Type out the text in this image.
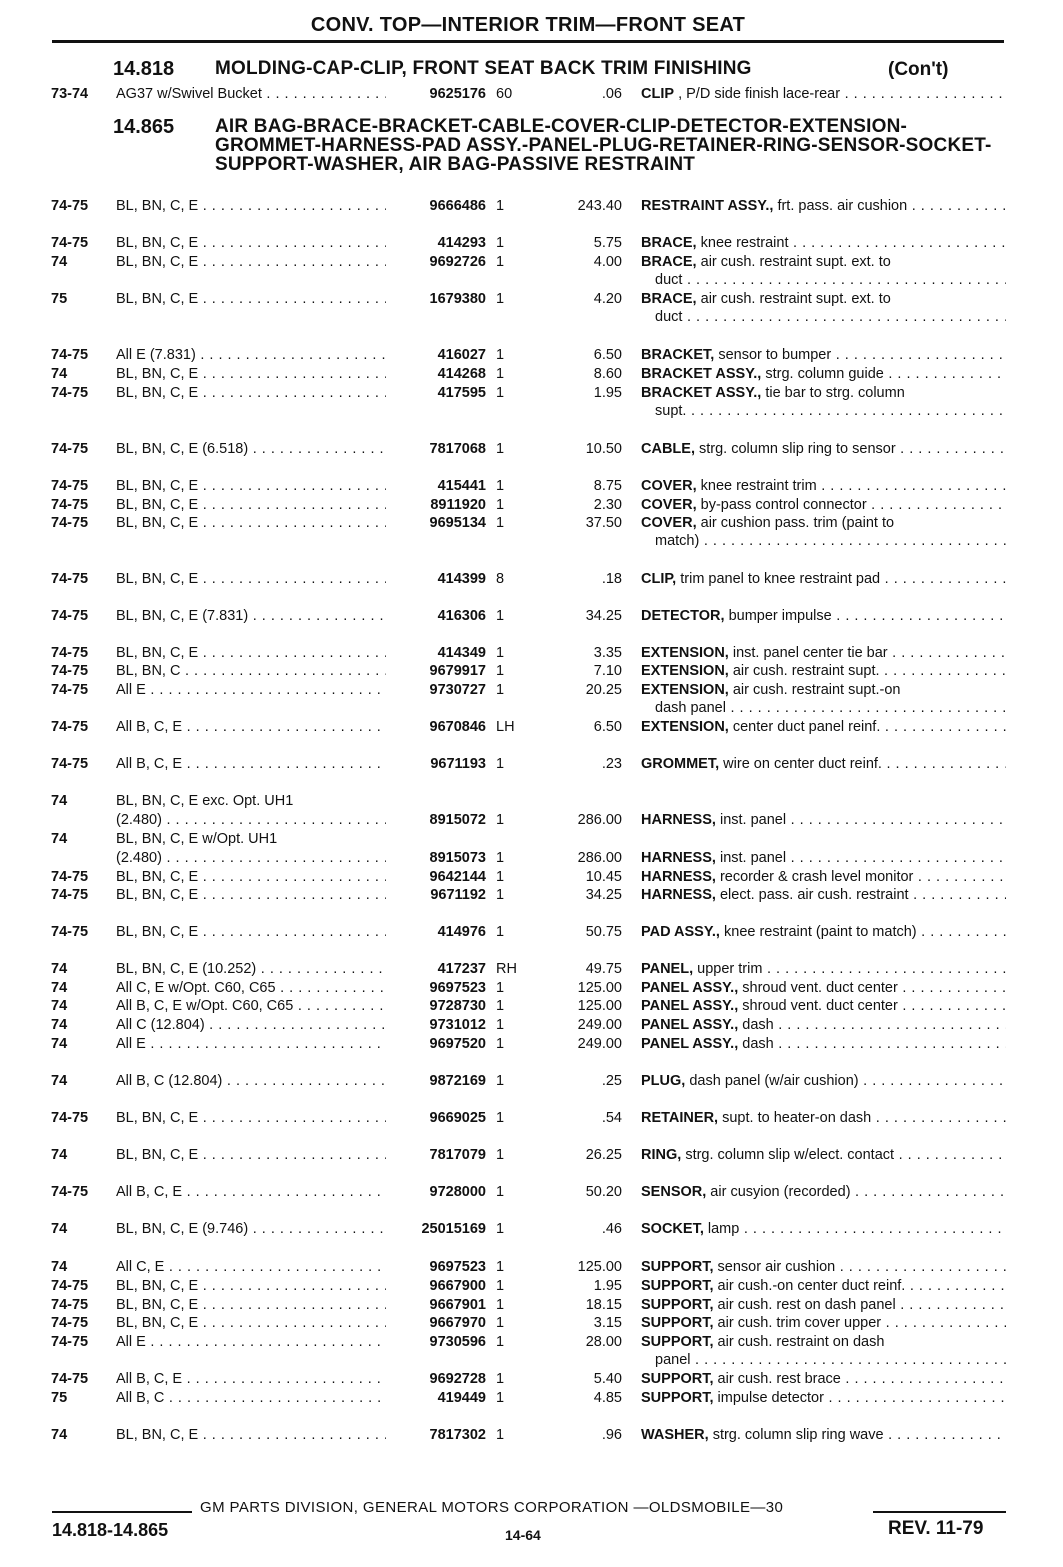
CONV. TOP—INTERIOR TRIM—FRONT SEAT
14.818 MOLDING-CAP-CLIP, FRONT SEAT BACK TRIM FINISHING	(Con't)
14.865 AIR BAG-BRACE-BRACKET-CABLE-COVER-CLIP-DETECTOR-EXTENSION-GROMMET-HARNESS-PAD ASSY.-PANEL-PLUG-RETAINER-RING-SENSOR-SOCKET-SUPPORT-WASHER, AIR BAG-PASSIVE RESTRAINT
73-74	AG37 w/Swivel Bucket . . .	9625176 60	.06 CLIP , P/D side finish lace-rear . . .
74-75	BL, BN, C, E . . .	9666486 1	243.40 RESTRAINT ASSY., frt. pass. air cushion . . .
74-75	BL, BN, C, E . . .	414293 1	5.75 BRACE, knee restraint . . .
74	BL, BN, C, E . . .	9692726 1	4.00 BRACE, air cush. restraint supt. ext. to
duct . . .
75	BL, BN, C, E . . .	1679380 1	4.20 BRACE, air cush. restraint supt. ext. to
duct . . .
74-75	All E (7.831) . . .	416027 1	6.50 BRACKET, sensor to bumper . . .
74	BL, BN, C, E . . .	414268 1	8.60 BRACKET ASSY., strg. column guide . . .
74-75	BL, BN, C, E . . .	417595 1	1.95 BRACKET ASSY., tie bar to strg. column
supt. . . .
74-75	BL, BN, C, E (6.518) . . .	7817068 1	10.50 CABLE, strg. column slip ring to sensor . . .
74-75	BL, BN, C, E . . .	415441 1	8.75 COVER, knee restraint trim . . .
74-75	BL, BN, C, E . . .	8911920 1	2.30 COVER, by-pass control connector . . .
74-75	BL, BN, C, E . . .	9695134 1	37.50 COVER, air cushion pass. trim (paint to
match) . . .
74-75	BL, BN, C, E . . .	414399 8	.18 CLIP, trim panel to knee restraint pad . . .
74-75	BL, BN, C, E (7.831) . . .	416306 1	34.25 DETECTOR, bumper impulse . . .
74-75	BL, BN, C, E . . .	414349 1	3.35 EXTENSION, inst. panel center tie bar . . .
74-75	BL, BN, C . . .	9679917 1	7.10 EXTENSION, air cush. restraint supt. . . .
74-75	All E . . .	9730727 1	20.25 EXTENSION, air cush. restraint supt.-on
dash panel . . .
74-75	All B, C, E . . .	9670846 LH	6.50 EXTENSION, center duct panel reinf. . . .
74-75	All B, C, E . . .	9671193 1	.23 GROMMET, wire on center duct reinf. . . .
74	BL, BN, C, E exc. Opt. UH1
(2.480) . . .	8915072 1	286.00 HARNESS, inst. panel . . .
74	BL, BN, C, E w/Opt. UH1
(2.480) . . .	8915073 1	286.00 HARNESS, inst. panel . . .
74-75	BL, BN, C, E . . .	9642144 1	10.45 HARNESS, recorder & crash level monitor . . .
74-75	BL, BN, C, E . . .	9671192 1	34.25 HARNESS, elect. pass. air cush. restraint . . .
74-75	BL, BN, C, E . . .	414976 1	50.75 PAD ASSY., knee restraint (paint to match) . . .
74	BL, BN, C, E (10.252) . . .	417237 RH	49.75 PANEL, upper trim . . .
74	All C, E w/Opt. C60, C65 . . .	9697523 1	125.00 PANEL ASSY., shroud vent. duct center . . .
74	All B, C, E w/Opt. C60, C65 . . .	9728730 1	125.00 PANEL ASSY., shroud vent. duct center . . .
74	All C (12.804) . . .	9731012 1	249.00 PANEL ASSY., dash . . .
74	All E . . .	9697520 1	249.00 PANEL ASSY., dash . . .
74	All B, C (12.804) . . .	9872169 1	.25 PLUG, dash panel (w/air cushion) . . .
74-75	BL, BN, C, E . . .	9669025 1	.54 RETAINER, supt. to heater-on dash . . .
74	BL, BN, C, E . . .	7817079 1	26.25 RING, strg. column slip w/elect. contact . . .
74-75	All B, C, E . . .	9728000 1	50.20 SENSOR, air cusyion (recorded) . . .
74	BL, BN, C, E (9.746) . . .	25015169 1	.46 SOCKET, lamp . . .
74	All C, E . . .	9697523 1	125.00 SUPPORT, sensor air cushion . . .
74-75	BL, BN, C, E . . .	9667900 1	1.95 SUPPORT, air cush.-on center duct reinf. . . .
74-75	BL, BN, C, E . . .	9667901 1	18.15 SUPPORT, air cush. rest on dash panel . . .
74-75	BL, BN, C, E . . .	9667970 1	3.15 SUPPORT, air cush. trim cover upper . . .
74-75	All E . . .	9730596 1	28.00 SUPPORT, air cush. restraint on dash
panel . . .
74-75	All B, C, E . . .	9692728 1	5.40 SUPPORT, air cush. rest brace . . .
75	All B, C . . .	419449 1	4.85 SUPPORT, impulse detector . . .
74	BL, BN, C, E . . .	7817302 1	.96 WASHER, strg. column slip ring wave . . .
GM PARTS DIVISION, GENERAL MOTORS CORPORATION —OLDSMOBILE—30
14.818-14.865	14-64	REV. 11-79
